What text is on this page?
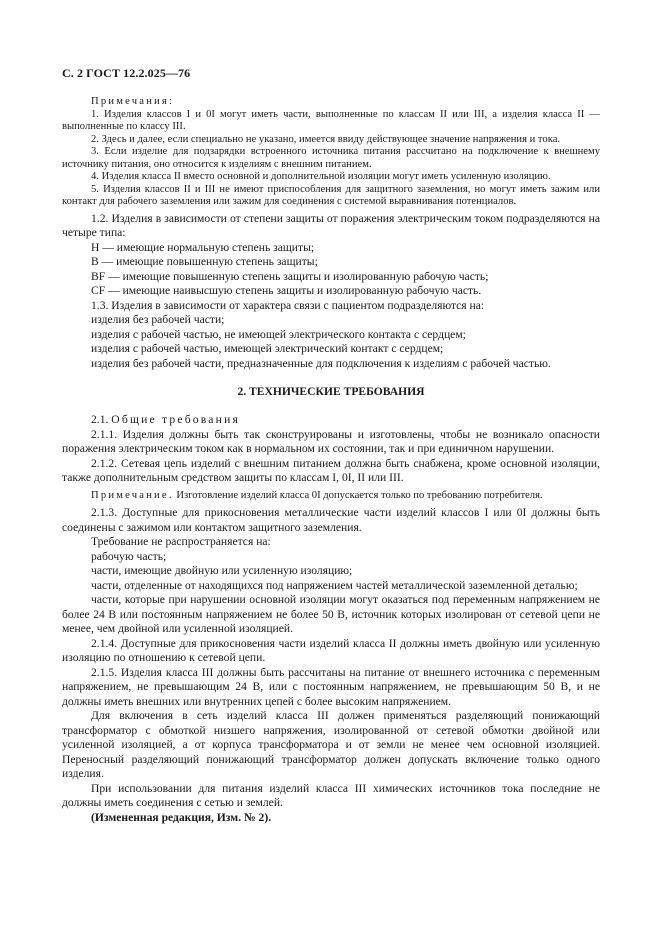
С. 2 ГОСТ 12.2.025—76

Примечания:

1. Изделия классов I и 0I могут иметь части, выполненные по классам II или III, а изделия класса II — выполненные по классу III.

2. Здесь и далее, если специально не указано, имеется ввиду действующее значение напряжения и тока.

3. Если изделие для подзарядки встроенного источника питания рассчитано на подключение к внешнему источнику питания, оно относится к изделиям с внешним питанием.

4. Изделия класса II вместо основной и дополнительной изоляции могут иметь усиленную изоляцию.

5. Изделия классов II и III не имеют приспособления для защитного заземления, но могут иметь зажим или контакт для рабочего заземления или зажим для соединения с системой выравнивания потенциалов.

1.2. Изделия в зависимости от степени защиты от поражения электрическим током подразделяются на четыре типа:

Н — имеющие нормальную степень защиты;

В — имеющие повышенную степень защиты;

ВF — имеющие повышенную степень защиты и изолированную рабочую часть;

CF — имеющие наивысшую степень защиты и изолированную рабочую часть.

1.3. Изделия в зависимости от характера связи с пациентом подразделяются на:

изделия без рабочей части;

изделия с рабочей частью, не имеющей электрического контакта с сердцем;

изделия с рабочей частью, имеющей электрический контакт с сердцем;

изделия без рабочей части, предназначенные для подключения к изделиям с рабочей частью.

2. ТЕХНИЧЕСКИЕ ТРЕБОВАНИЯ

2.1. Общие требования

2.1.1. Изделия должны быть так сконструированы и изготовлены, чтобы не возникало опасности поражения электрическим током как в нормальном их состоянии, так и при единичном нарушении.

2.1.2. Сетевая цепь изделий с внешним питанием должна быть снабжена, кроме основной изоляции, также дополнительным средством защиты по классам I, 0I, II или III.

Примечание. Изготовление изделий класса 0I допускается только по требованию потребителя.

2.1.3. Доступные для прикосновения металлические части изделий классов I или 0I должны быть соединены с зажимом или контактом защитного заземления.

Требование не распространяется на:

рабочую часть;

части, имеющие двойную или усиленную изоляцию;

части, отделенные от находящихся под напряжением частей металлической заземленной деталью;

части, которые при нарушении основной изоляции могут оказаться под переменным напряжением не более 24 В или постоянным напряжением не более 50 В, источник которых изолирован от сетевой цепи не менее, чем двойной или усиленной изоляцией.

2.1.4. Доступные для прикосновения части изделий класса II должны иметь двойную или усиленную изоляцию по отношению к сетевой цепи.

2.1.5. Изделия класса III должны быть рассчитаны на питание от внешнего источника с переменным напряжением, не превышающим 24 В, или с постоянным напряжением, не превышающим 50 В, и не должны иметь внешних или внутренних цепей с более высоким напряжением.

Для включения в сеть изделий класса III должен применяться разделяющий понижающий трансформатор с обмоткой низшего напряжения, изолированной от сетевой обмотки двойной или усиленной изоляцией, а от корпуса трансформатора и от земли не менее чем основной изоляцией. Переносный разделяющий понижающий трансформатор должен допускать включение только одного изделия.

При использовании для питания изделий класса III химических источников тока последние не должны иметь соединения с сетью и землей.

(Измененная редакция, Изм. № 2).
